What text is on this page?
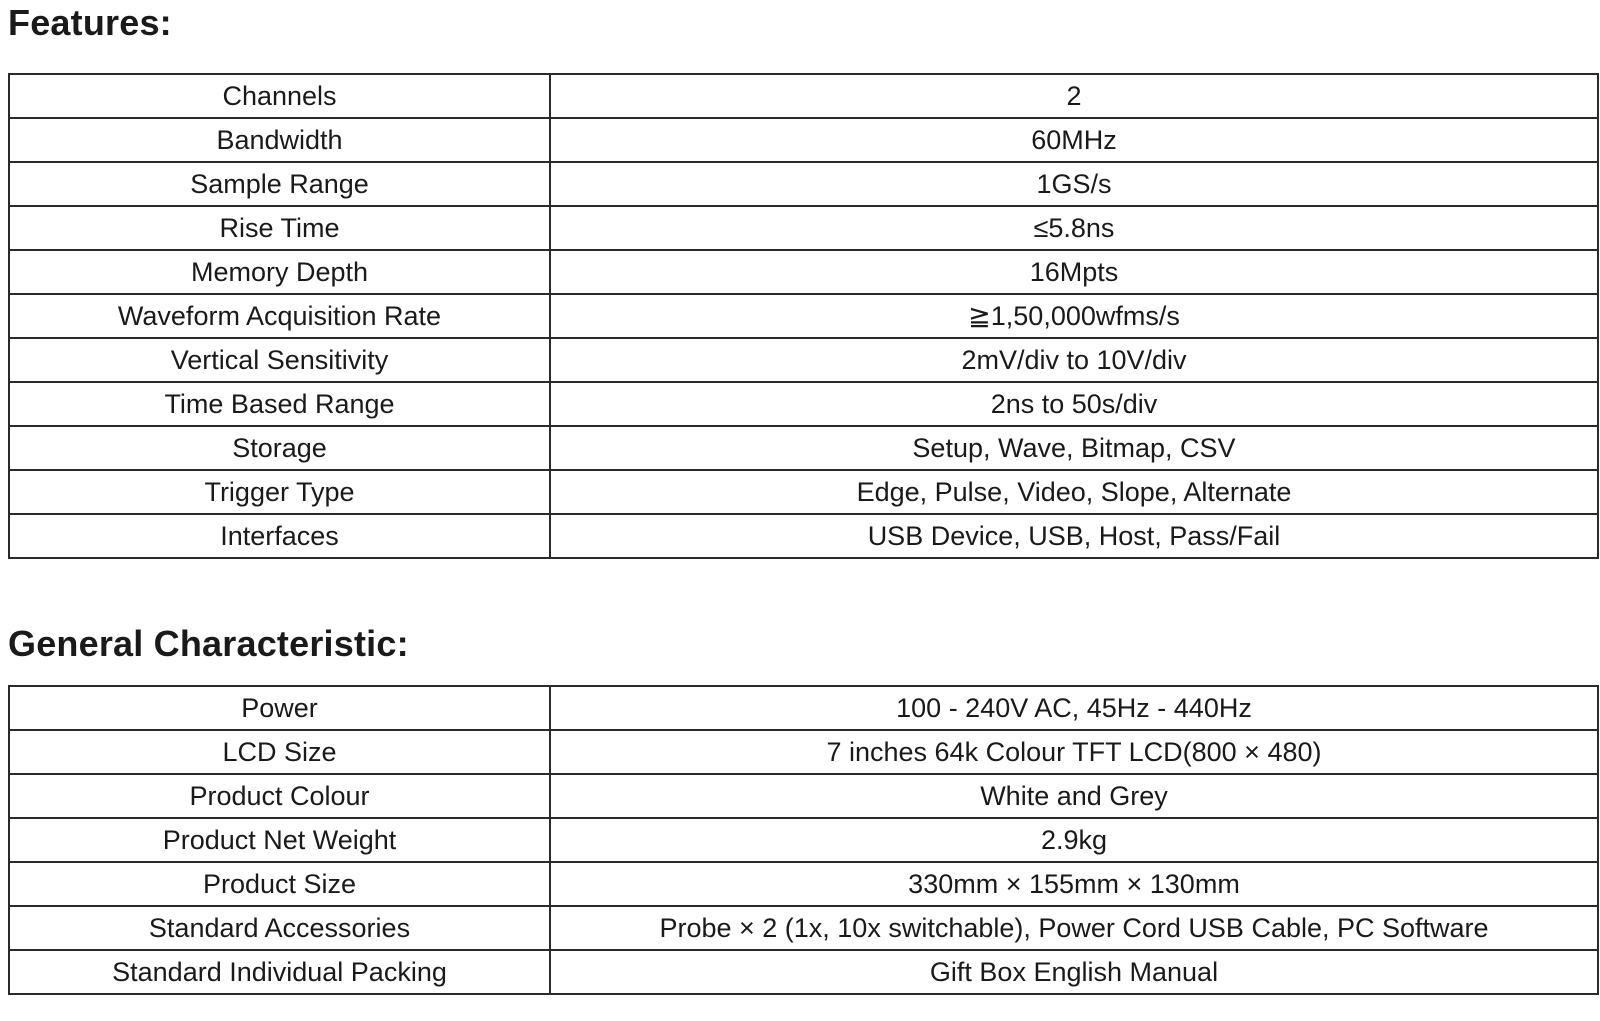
Features:
Channels	2
Bandwidth	60MHz
Sample Range	1GS/s
Rise Time	≤5.8ns
Memory Depth	16Mpts
Waveform Acquisition Rate	≧1,50,000wfms/s
Vertical Sensitivity	2mV/div to 10V/div
Time Based Range	2ns to 50s/div
Storage	Setup, Wave, Bitmap, CSV
Trigger Type	Edge, Pulse, Video, Slope, Alternate
Interfaces	USB Device, USB, Host, Pass/Fail
General Characteristic:
Power	100 - 240V AC, 45Hz - 440Hz
LCD Size	7 inches 64k Colour TFT LCD(800 × 480)
Product Colour	White and Grey
Product Net Weight	2.9kg
Product Size	330mm × 155mm × 130mm
Standard Accessories	Probe × 2 (1x, 10x switchable), Power Cord USB Cable, PC Software
Standard Individual Packing	Gift Box English Manual
